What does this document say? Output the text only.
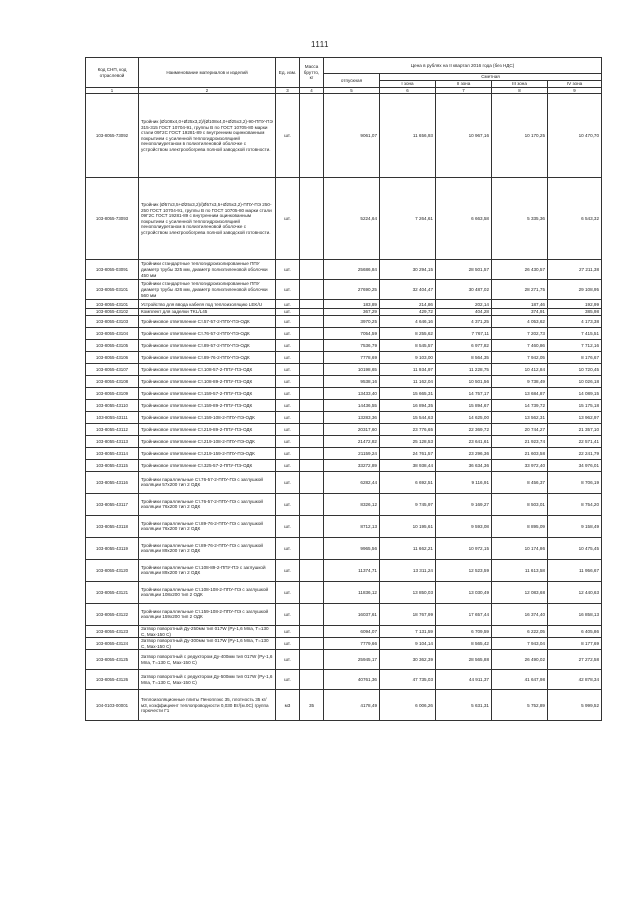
1111
Код СНП, код отраслевой	Наименование материалов и изделий	Ед. изм.	Масса брутто, кг	Цена в рублях на II квартал 2016 года (без НДС)				
				отпускная	Сметная			
					I зона	II зона	III зона	IV зона
1	2	3	4	5	6	7	8	9
103-8055-73092	Тройник (Ø108х4,0+Ø25х3,2)/(Ø108х4,0+Ø25х3,2)-90-ППУ-ПЭ 315-315 ГОСТ 10704-91, группы В по ГОСТ 10705-80 марки стали 09Г2С ГОСТ 19281-89 с внутренним оцинкованным покрытием с усиленной теплогидроизоляцией пенополиуретаном в полиэтиленовой оболочке с устройством электрообогрева полной заводской готовности.	шт.		9061,07	11 656,93	10 967,16	10 170,25	10 470,70
103-8055-73093	Тройник (Ø57х3,5+Ø25х3,2)/(Ø57х3,5+Ø25х3,2)-ППУ-ПЭ 250-250 ГОСТ 10704-91, группы В по ГОСТ 10705-80 марки стали 09Г2С ГОСТ 19281-89 с внутренним оцинкованным покрытием с усиленной теплогидроизоляцией пенополиуретаном в полиэтиленовой оболочке с устройством электрообогрева полной заводской готовности.	шт.		5224,64	7 264,61	6 663,58	5 335,36	6 543,32
103-8055-03091	Тройники стандартные теплогидроизолированные ППУ диаметр трубы 325 мм, диаметр полиэтиленовой оболочки 450 мм	шт.		25686,84	30 294,15	28 501,57	26 430,57	27 211,38
103-8055-03101	Тройники стандартные теплогидроизолированные ППУ диаметр трубы 426 мм, диаметр полиэтиленовой оболочки 560 мм	шт.		27690,25	32 404,47	30 487,02	28 271,75	29 108,95
103-8055-43101	Устройство для ввода кабеля под теплоизоляцию LEK/U	шт.		183,89	214,86	202,14	187,46	192,99
103-8055-43102	Комплект для заделки TKL/L45	шт.		367,29	429,72	404,28	374,91	385,98
103-8055-43103	Тройниковое ответвление Ст.57-57-2-ППУ-ПЭ-ОДК	шт.		3970,25	4 646,16	4 371,25	4 053,62	4 173,38
103-8055-43104	Тройниковое ответвление Ст.76-57-2-ППУ-ПЭ-ОДК	шт.		7054,59	8 255,62	7 767,11	7 202,73	7 415,51
103-8055-43105	Тройниковое ответвление Ст.89-57-2-ППУ-ПЭ-ОДК	шт.		7536,79	8 545,57	6 977,82	7 460,86	7 712,16
103-8055-43106	Тройниковое ответвление Ст.89-76-2-ППУ-ПЭ-ОДК	шт.		7778,69	9 103,00	8 564,35	7 942,05	8 176,67
103-8055-43107	Тройниковое ответвление Ст.108-57-2-ППУ-ПЭ-ОДК	шт.		10198,65	11 934,97	11 228,75	10 412,84	10 720,45
103-8055-43108	Тройниковое ответвление Ст.108-89-2-ППУ-ПЭ-ОДК	шт.		9538,16	11 162,04	10 501,56	9 738,49	10 026,18
103-8055-43109	Тройниковое ответвление Ст.159-57-2-ППУ-ПЭ-ОДК	шт.		13433,40	15 665,31	14 757,17	13 684,87	14 089,15
103-8055-43110	Тройниковое ответвление Ст.159-89-2-ППУ-ПЭ-ОДК	шт.		14436,55	16 894,35	15 894,67	14 739,72	15 175,18
103-8055-43111	Тройниковое ответвление Ст.159-108-2-ППУ-ПЭ-ОДК	шт.		13283,36	15 544,63	14 625,00	13 562,31	13 962,97
103-8055-43112	Тройниковое ответвление Ст.219-89-2-ППУ-ПЭ-ОДК	шт.		20317,60	23 776,65	22 369,72	20 744,27	21 357,10
103-8055-43113	Тройниковое ответвление Ст.219-108-2-ППУ-ПЭ-ОДК	шт.		21472,82	25 128,53	23 641,61	21 923,74	22 571,41
103-8055-43114	Тройниковое ответвление Ст.219-159-2-ППУ-ПЭ-ОДК	шт.		21159,24	24 761,57	23 296,36	21 603,58	22 241,79
103-8055-43115	Тройниковое ответвление Ст.325-57-2-ППУ-ПЭ-ОДК	шт.		33272,89	38 938,44	36 634,36	33 972,40	34 976,01
103-8055-43116	Тройники параллельные Ст.76-57-2-ППУ-ПЭ с заглушкой изоляции 57х200 тип 2 ОДК	шт.		6282,44	6 692,51	9 116,91	8 456,37	8 706,19
103-8055-43117	Тройники параллельные Ст.76-57-2-ППУ-ПЭ с заглушкой изоляции 76х200 тип 2 ОДК	шт.		8326,12	9 745,97	9 169,27	8 503,01	8 754,20
103-8055-43118	Тройники параллельные Ст.89-76-2-ППУ-ПЭ с заглушкой изоляции 76х200 тип 2 ОДК	шт.		8712,13	10 195,61	9 593,08	8 895,09	9 158,49
103-8055-43119	Тройники параллельные Ст.89-76-2-ППУ-ПЭ с заглушкой изоляции 89х200 тип 2 ОДК	шт.		9965,56	11 662,21	10 972,15	10 174,86	10 475,45
103-8055-43120	Тройники параллельные Ст.108-89-2-ППУ-ПЭ с заглушкой изоляции 89х200 тип 2 ОДК	шт.		11374,71	13 311,24	12 523,59	11 613,58	11 956,67
103-8055-43121	Тройники параллельные Ст.108-108-2-ППУ-ПЭ с заглушкой изоляции 108х200 тип 2 ОДК	шт.		11836,12	13 850,03	13 030,49	12 083,68	12 440,63
103-8055-43122	Тройники параллельные Ст.159-108-2-ППУ-ПЭ с заглушкой изоляции 159х200 тип 2 ОДК	шт.		16037,61	18 767,99	17 657,44	16 374,40	16 858,13
103-8055-43123	Затвор поворотный Ду-250мм тип 017W (Ру-1,6 Мпа, Т=130 С, Мах-150 С)	шт.		6094,07	7 131,59	6 709,59	6 222,05	6 405,86
103-8055-43124	Затвор поворотный Ду-300мм тип 017W (Ру-1,6 Мпа, Т=130 С, Мах-150 С)	шт.		7779,66	9 104,14	8 565,42	7 943,04	8 177,69
103-8055-43125	Затвор поворотный с редуктором Ду-400мм тип 017W (Ру-1,6 Мпа, Т=130 С, Мах-150 С)	шт.		25945,17	30 362,39	28 565,88	26 490,02	27 272,58
103-8055-43126	Затвор поворотный с редуктором Ду-500мм тип 017W (Ру-1,6 Мпа, Т=130 С, Мах-150 С)	шт.		40761,36	47 735,03	44 911,37	41 647,98	42 878,34
104-0103-00001	Теплоизоляционные плиты Пеноплэкс 35, плотность 35 кг/м3, коэффициент теплопроводности 0,030 Вт/(м.0С) группа горючести Г1	м3	35	4178,49	6 006,26	5 631,31	5 752,89	5 999,52
